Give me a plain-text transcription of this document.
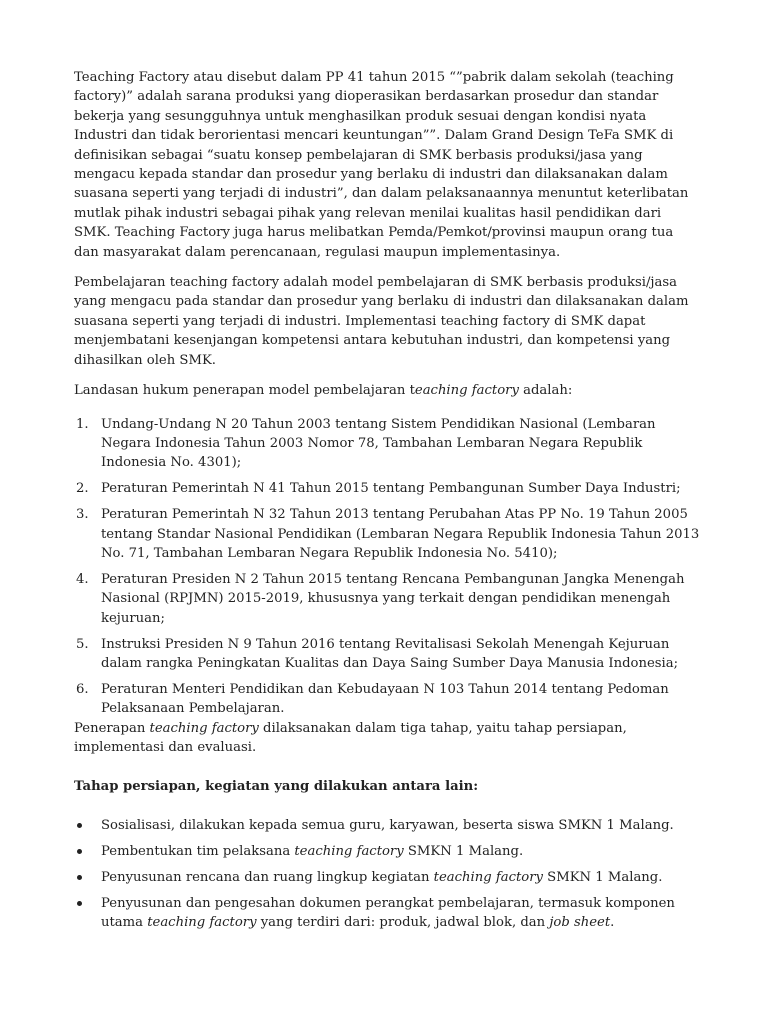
Teaching Factory atau disebut dalam PP 41 tahun 2015 “”pabrik dalam sekolah (teaching factory)” adalah sarana produksi yang dioperasikan berdasarkan prosedur dan standar bekerja yang sesungguhnya untuk menghasilkan produk sesuai dengan kondisi nyata Industri dan tidak berorientasi mencari keuntungan””. Dalam Grand Design TeFa SMK di definisikan sebagai “suatu konsep pembelajaran di SMK berbasis produksi/jasa yang mengacu kepada standar dan prosedur yang berlaku di industri dan dilaksanakan dalam suasana seperti yang terjadi di industri”, dan dalam pelaksanaannya menuntut keterlibatan mutlak pihak industri sebagai pihak yang relevan menilai kualitas hasil pendidikan dari SMK. Teaching Factory juga harus melibatkan Pemda/Pemkot/provinsi maupun orang tua dan masyarakat dalam perencanaan, regulasi maupun implementasinya.

Pembelajaran teaching factory adalah model pembelajaran di SMK berbasis produksi/jasa yang mengacu pada standar dan prosedur yang berlaku di industri dan dilaksanakan dalam suasana seperti yang terjadi di industri. Implementasi teaching factory di SMK dapat menjembatani kesenjangan kompetensi antara kebutuhan industri, dan kompetensi yang dihasilkan oleh SMK.

Landasan hukum penerapan model pembelajaran teaching factory adalah:

1. Undang-Undang N 20 Tahun 2003 tentang Sistem Pendidikan Nasional (Lembaran Negara Indonesia Tahun 2003 Nomor 78, Tambahan Lembaran Negara Republik Indonesia No. 4301);
2. Peraturan Pemerintah N 41 Tahun 2015 tentang Pembangunan Sumber Daya Industri;
3. Peraturan Pemerintah N 32 Tahun 2013 tentang Perubahan Atas PP No. 19 Tahun 2005 tentang Standar Nasional Pendidikan (Lembaran Negara Republik Indonesia Tahun 2013 No. 71, Tambahan Lembaran Negara Republik Indonesia No. 5410);
4. Peraturan Presiden N 2 Tahun 2015 tentang Rencana Pembangunan Jangka Menengah Nasional (RPJMN) 2015-2019, khususnya yang terkait dengan pendidikan menengah kejuruan;
5. Instruksi Presiden N 9 Tahun 2016 tentang Revitalisasi Sekolah Menengah Kejuruan dalam rangka Peningkatan Kualitas dan Daya Saing Sumber Daya Manusia Indonesia;
6. Peraturan Menteri Pendidikan dan Kebudayaan N 103 Tahun 2014 tentang Pedoman Pelaksanaan Pembelajaran.

Penerapan teaching factory dilaksanakan dalam tiga tahap, yaitu tahap persiapan, implementasi dan evaluasi.

Tahap persiapan, kegiatan yang dilakukan antara lain:

Sosialisasi, dilakukan kepada semua guru, karyawan, beserta siswa SMKN 1 Malang.
Pembentukan tim pelaksana teaching factory SMKN 1 Malang.
Penyusunan rencana dan ruang lingkup kegiatan teaching factory SMKN 1 Malang.
Penyusunan dan pengesahan dokumen perangkat pembelajaran, termasuk komponen utama teaching factory yang terdiri dari: produk, jadwal blok, dan job sheet.
